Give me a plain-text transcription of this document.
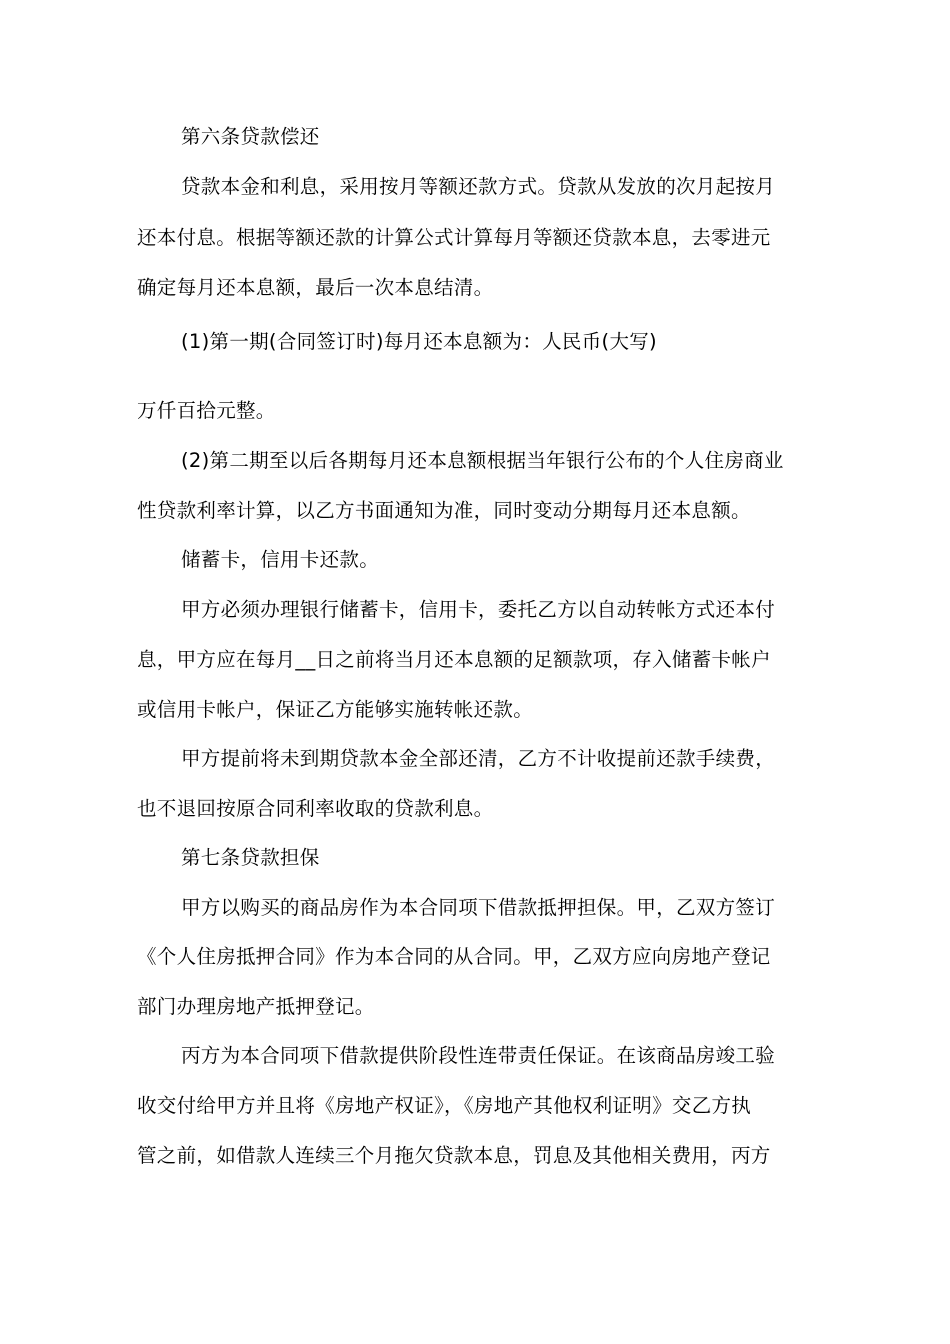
第六条贷款偿还
贷款本金和利息，采用按月等额还款方式。贷款从发放的次月起按月
还本付息。根据等额还款的计算公式计算每月等额还贷款本息，去零进元
确定每月还本息额，最后一次本息结清。
(1)第一期(合同签订时)每月还本息额为：人民币(大写)
万仟百拾元整。
(2)第二期至以后各期每月还本息额根据当年银行公布的个人住房商业
性贷款利率计算，以乙方书面通知为准，同时变动分期每月还本息额。
储蓄卡，信用卡还款。
甲方必须办理银行储蓄卡，信用卡，委托乙方以自动转帐方式还本付
息，甲方应在每月__日之前将当月还本息额的足额款项，存入储蓄卡帐户
或信用卡帐户，保证乙方能够实施转帐还款。
甲方提前将未到期贷款本金全部还清，乙方不计收提前还款手续费，
也不退回按原合同利率收取的贷款利息。
第七条贷款担保
甲方以购买的商品房作为本合同项下借款抵押担保。甲，乙双方签订
《个人住房抵押合同》作为本合同的从合同。甲，乙双方应向房地产登记
部门办理房地产抵押登记。
丙方为本合同项下借款提供阶段性连带责任保证。在该商品房竣工验
收交付给甲方并且将《房地产权证》，《房地产其他权利证明》交乙方执
管之前，如借款人连续三个月拖欠贷款本息，罚息及其他相关费用，丙方
